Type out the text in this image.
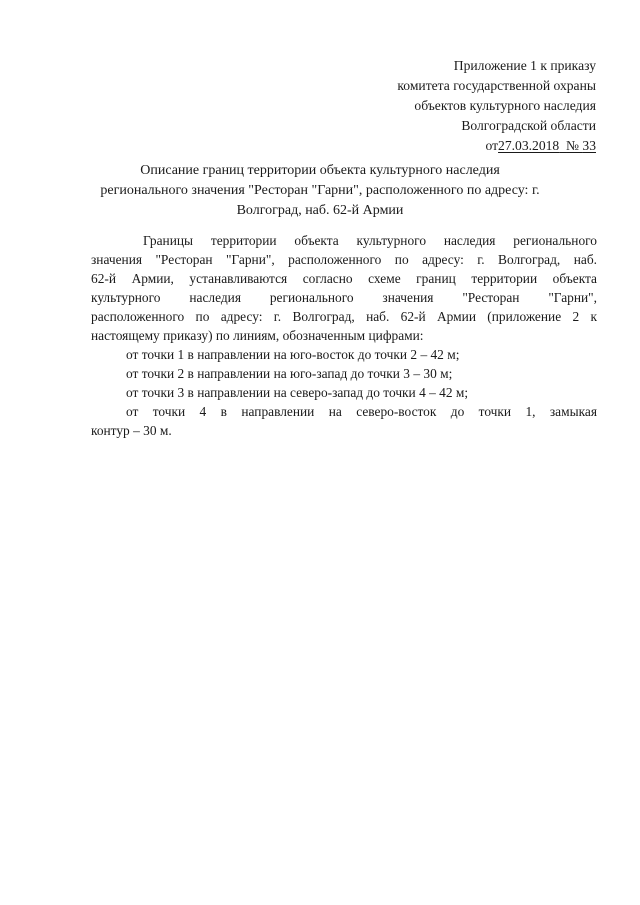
Приложение 1 к приказу
комитета государственной охраны
объектов культурного наследия
Волгоградской области
от27.03.2018 № 33
Описание границ территории объекта культурного наследия
регионального значения "Ресторан "Гарни", расположенного по адресу: г.
Волгоград, наб. 62-й Армии
Границы территории объекта культурного наследия регионального
значения "Ресторан "Гарни", расположенного по адресу: г. Волгоград, наб.
62-й Армии, устанавливаются согласно схеме границ территории объекта
культурного наследия регионального значения "Ресторан "Гарни",
расположенного по адресу: г. Волгоград, наб. 62-й Армии (приложение 2 к
настоящему приказу) по линиям, обозначенным цифрами:
от точки 1 в направлении на юго-восток до точки 2 – 42 м;
от точки 2 в направлении на юго-запад до точки 3 – 30 м;
от точки 3 в направлении на северо-запад до точки 4 – 42 м;
от точки 4 в направлении на северо-восток до точки 1, замыкая
контур – 30 м.
